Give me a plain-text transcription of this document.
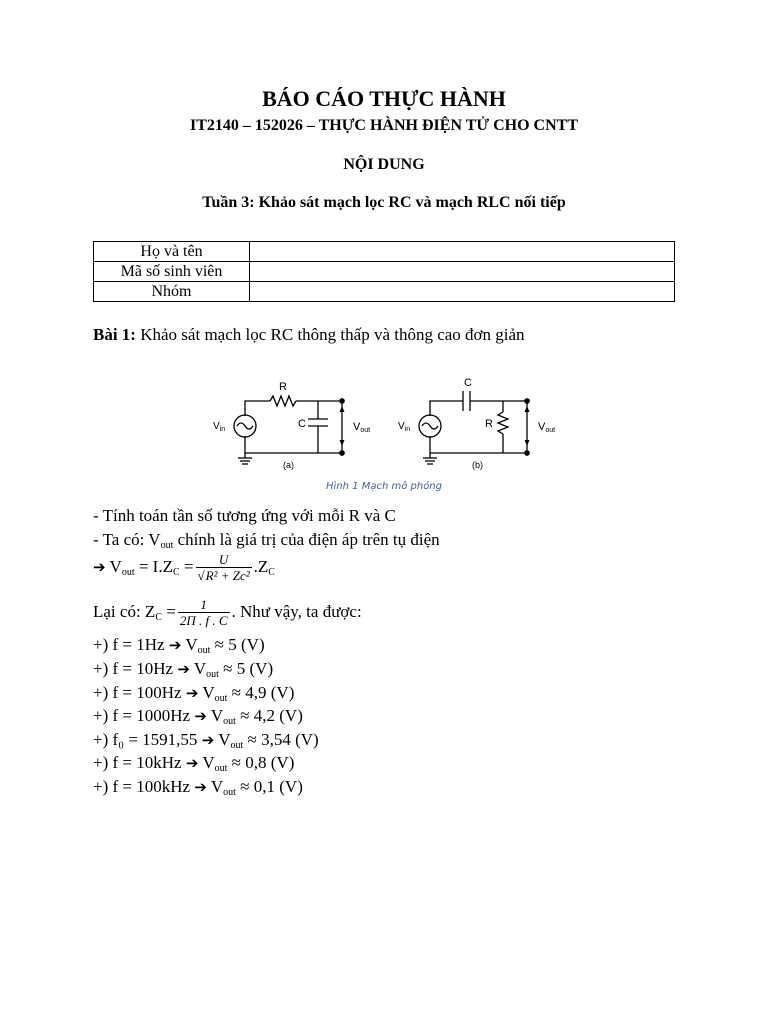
BÁO CÁO THỰC HÀNH
IT2140 – 152026 – THỰC HÀNH ĐIỆN TỬ CHO CNTT
NỘI DUNG
Tuần 3: Khảo sát mạch lọc RC và mạch RLC nối tiếp
Họ và tên	
Mã số sinh viên	
Nhóm	
Bài 1: Khảo sát mạch lọc RC thông thấp và thông cao đơn giản
R
C
$V_{in}$	Vout
(a)
C
R
$V_{in}$	Vout
(b)
Hình 1 Mạch mô phỏng
- Tính toán tần số tương ứng với mỗi R và C
- Ta có: $V_{out}$ chính là giá trị của điện áp trên tụ điện
➔ $V_{out} = I.Z_C = \frac{U}{\text{√R² + Zc²}} .Z_C$
Lại có: $Z_C = \frac{1}{2\Pi . f . C}$ . Như vậy, ta được:
+) f = 1Hz ➔ $V_{out} \approx 5$ (V)
+) f = 10Hz ➔ $V_{out} \approx 5$ (V)
+) f = 100Hz ➔ $V_{out} \approx 4,9$ (V)
+) f = 1000Hz ➔ $V_{out} \approx 4,2$ (V)
+) f₀ = 1591,55 ➔ $V_{out} \approx 3,54$ (V)
+) f = 10kHz ➔ $V_{out} \approx 0,8$ (V)
+) f = 100kHz ➔ $V_{out} \approx 0,1$ (V)
